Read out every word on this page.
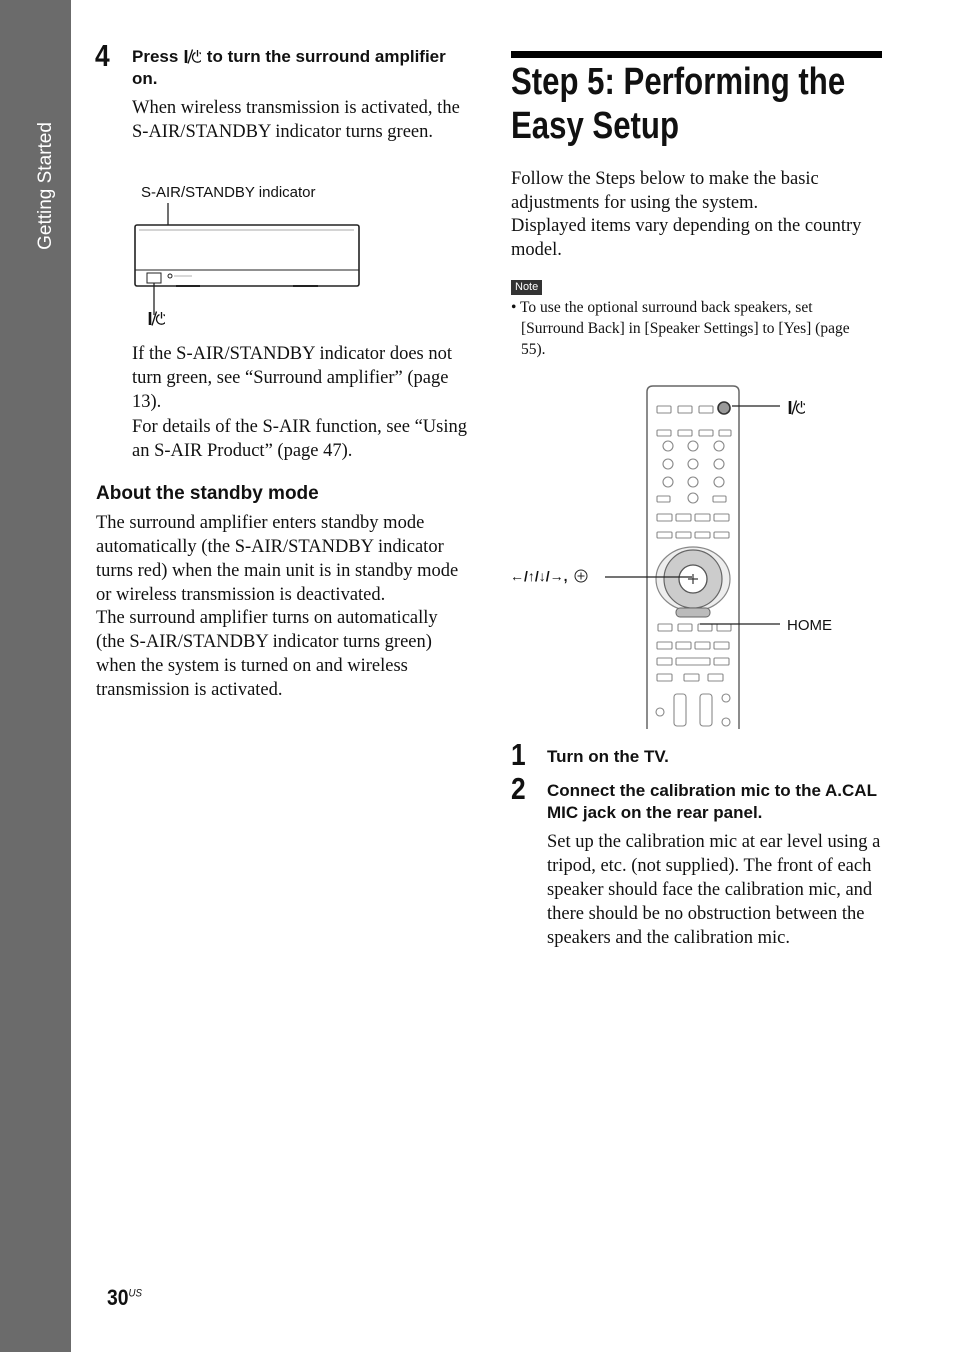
Getting Started
4 Press to turn the surround amplifier on.
When wireless transmission is activated, the S-AIR/STANDBY indicator turns green.
S-AIR/STANDBY indicator
If the S-AIR/STANDBY indicator does not turn green, see “Surround amplifier” (page 13).
For details of the S-AIR function, see “Using an S-AIR Product” (page 47).
About the standby mode
The surround amplifier enters standby mode automatically (the S-AIR/STANDBY indicator turns red) when the main unit is in standby mode or wireless transmission is deactivated.
The surround amplifier turns on automatically (the S-AIR/STANDBY indicator turns green) when the system is turned on and wireless transmission is activated.
Step 5: Performing the
Easy Setup
Follow the Steps below to make the basic adjustments for using the system.
Displayed items vary depending on the country model.
Note
• To use the optional surround back speakers, set [Surround Back] in [Speaker Settings] to [Yes] (page 55).
←/↑/↓/→,
HOME
1 Turn on the TV.
2 Connect the calibration mic to the A.CAL MIC jack on the rear panel.
Set up the calibration mic at ear level using a tripod, etc. (not supplied). The front of each speaker should face the calibration mic, and there should be no obstruction between the speakers and the calibration mic.
$30^{US}$
